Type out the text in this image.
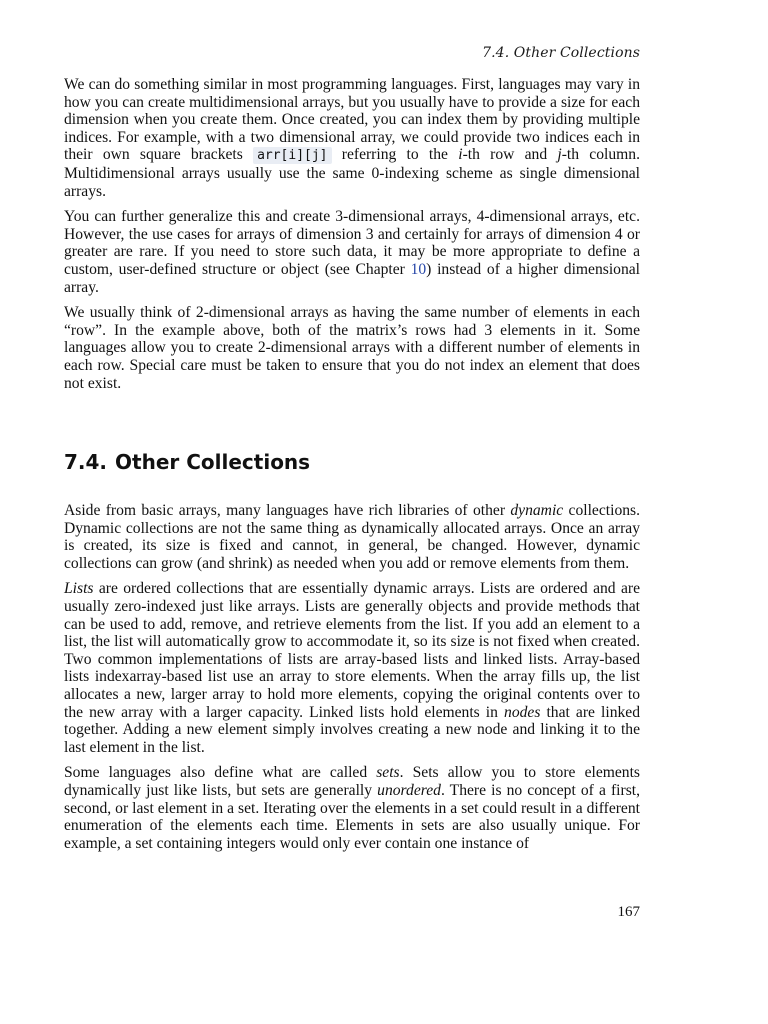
7.4. Other Collections

We can do something similar in most programming languages. First, languages may vary in how you can create multidimensional arrays, but you usually have to provide a size for each dimension when you create them. Once created, you can index them by providing multiple indices. For example, with a two dimensional array, we could provide two indices each in their own square brackets arr[i][j] referring to the i-th row and j-th column. Multidimensional arrays usually use the same 0-indexing scheme as single dimensional arrays.

You can further generalize this and create 3-dimensional arrays, 4-dimensional arrays, etc. However, the use cases for arrays of dimension 3 and certainly for arrays of dimension 4 or greater are rare. If you need to store such data, it may be more appropriate to define a custom, user-defined structure or object (see Chapter 10) instead of a higher dimensional array.

We usually think of 2-dimensional arrays as having the same number of elements in each “row”. In the example above, both of the matrix’s rows had 3 elements in it. Some languages allow you to create 2-dimensional arrays with a different number of elements in each row. Special care must be taken to ensure that you do not index an element that does not exist.

7.4. Other Collections

Aside from basic arrays, many languages have rich libraries of other dynamic collections. Dynamic collections are not the same thing as dynamically allocated arrays. Once an array is created, its size is fixed and cannot, in general, be changed. However, dynamic collections can grow (and shrink) as needed when you add or remove elements from them.

Lists are ordered collections that are essentially dynamic arrays. Lists are ordered and are usually zero-indexed just like arrays. Lists are generally objects and provide methods that can be used to add, remove, and retrieve elements from the list. If you add an element to a list, the list will automatically grow to accommodate it, so its size is not fixed when created. Two common implementations of lists are array-based lists and linked lists. Array-based lists indexarray-based list use an array to store elements. When the array fills up, the list allocates a new, larger array to hold more elements, copying the original contents over to the new array with a larger capacity. Linked lists hold elements in nodes that are linked together. Adding a new element simply involves creating a new node and linking it to the last element in the list.

Some languages also define what are called sets. Sets allow you to store elements dynamically just like lists, but sets are generally unordered. There is no concept of a first, second, or last element in a set. Iterating over the elements in a set could result in a different enumeration of the elements each time. Elements in sets are also usually unique. For example, a set containing integers would only ever contain one instance of

167
